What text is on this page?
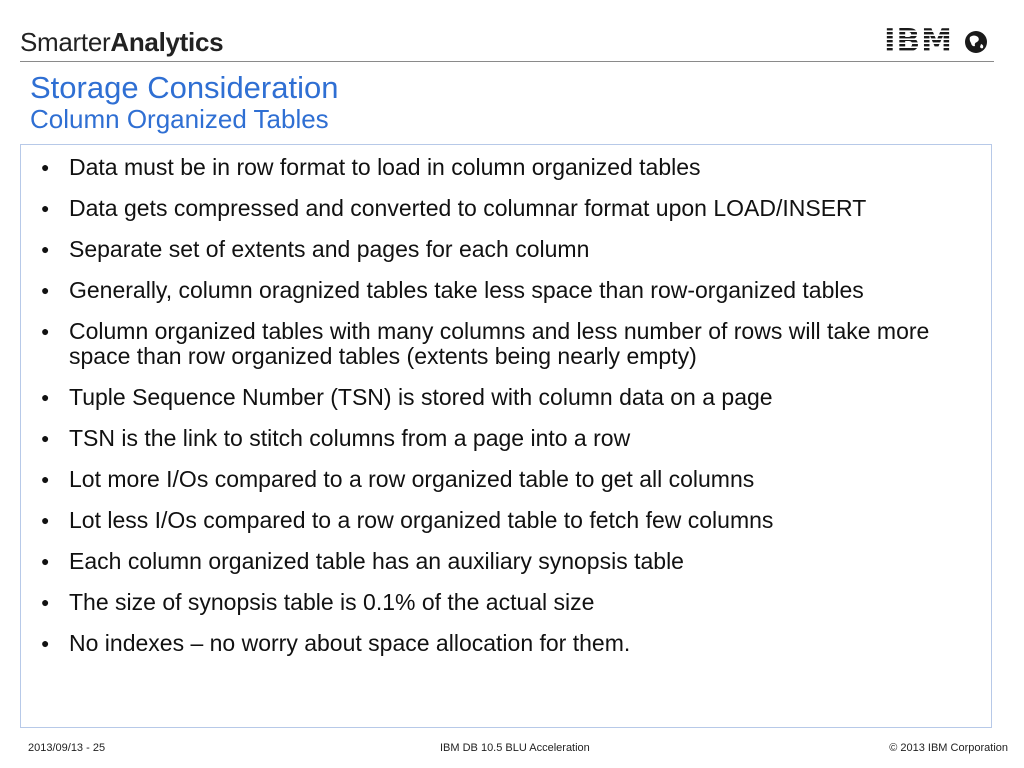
SmarterAnalytics	IBM
Storage Consideration
Column Organized Tables
● Data must be in row format to load in column organized tables
● Data gets compressed and converted to columnar format upon LOAD/INSERT
● Separate set of extents and pages for each column
● Generally, column oragnized tables take less space than row-organized tables
● Column organized tables with many columns and less number of rows will take more space than row organized tables (extents being nearly empty)
● Tuple Sequence Number (TSN) is stored with column data on a page
● TSN is the link to stitch columns from a page into a row
● Lot more I/Os compared to a row organized table to get all columns
● Lot less I/Os compared to a row organized table to fetch few columns
● Each column organized table has an auxiliary synopsis table
● The size of synopsis table is 0.1% of the actual size
● No indexes – no worry about space allocation for them.
2013/09/13 - 25	IBM DB 10.5 BLU Acceleration	© 2013 IBM Corporation
